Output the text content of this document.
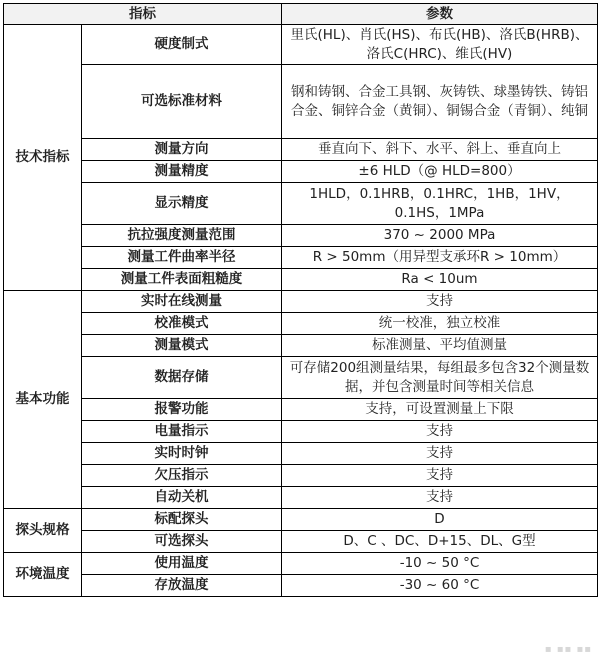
指标		参数
技术指标	硬度制式	里氏(HL)、肖氏(HS)、布氏(HB)、洛氏B(HRB)、洛氏C(HRC)、维氏(HV)
	可选标准材料	钢和铸钢、合金工具钢、灰铸铁、球墨铸铁、铸铝合金、铜锌合金（黄铜）、铜锡合金（青铜）、纯铜
	测量方向	垂直向下、斜下、水平、斜上、垂直向上
	测量精度	±6 HLD（@ HLD=800）
	显示精度	1HLD，0.1HRB，0.1HRC，1HB，1HV，0.1HS，1MPa
	抗拉强度测量范围	370 ~ 2000 MPa
	测量工件曲率半径	R > 50mm（用异型支承环R > 10mm）
	测量工件表面粗糙度	Ra < 10um
基本功能	实时在线测量	支持
	校准模式	统一校准，独立校准
	测量模式	标准测量、平均值测量
	数据存储	可存储200组测量结果，每组最多包含32个测量数据，并包含测量时间等相关信息
	报警功能	支持，可设置测量上下限
	电量指示	支持
	实时时钟	支持
	欠压指示	支持
	自动关机	支持
探头规格	标配探头	D
	可选探头	D、C 、DC、D+15、DL、G型
环境温度	使用温度	-10 ~ 50 °C
	存放温度	-30 ~ 60 °C
▪ ▪▪ ▪▪
